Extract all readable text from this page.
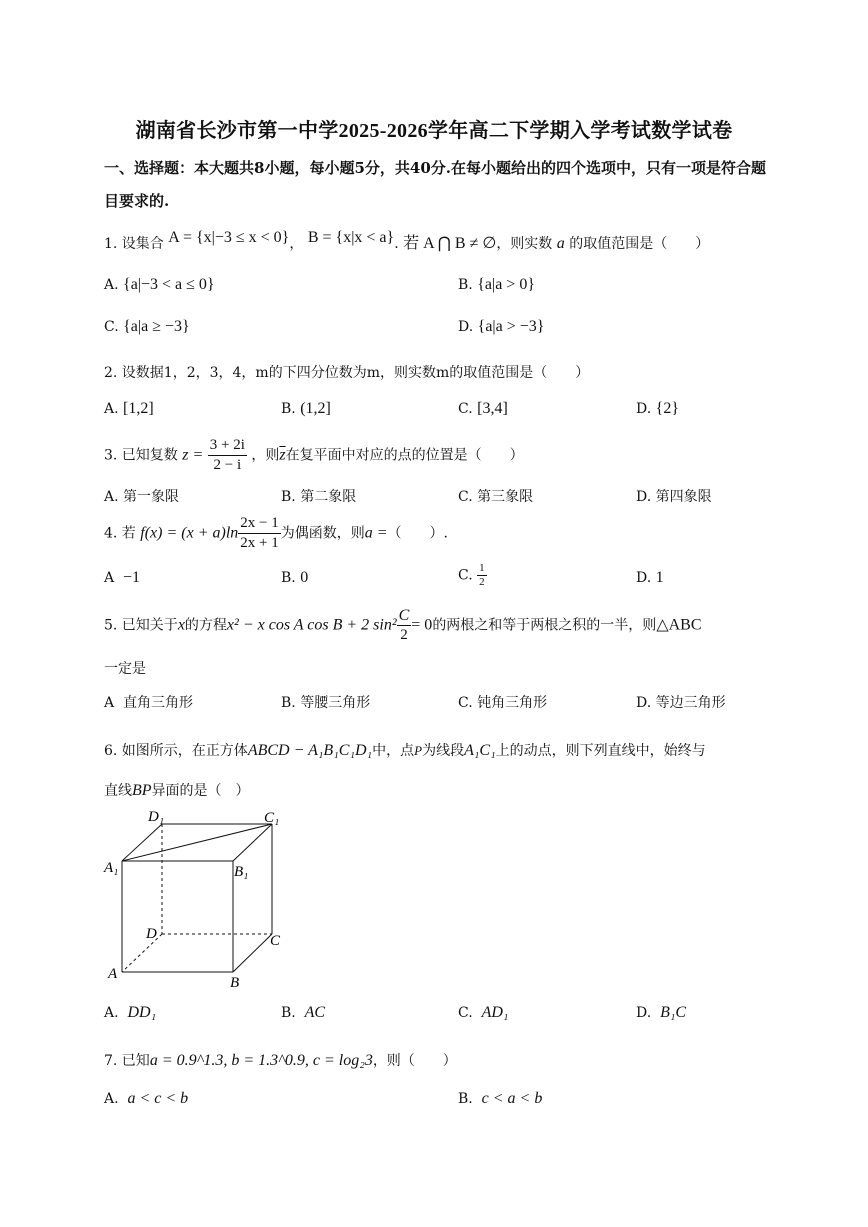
湖南省长沙市第一中学2025-2026学年高二下学期入学考试数学试卷
一、选择题：本大题共8小题，每小题5分，共40分.在每小题给出的四个选项中，只有一项是符合题目要求的.
1. 设集合 A = {x|−3 ≤ x < 0}， B = {x|x < a}. 若 A ⋂ B ≠ ∅，则实数 a 的取值范围是（　　）
A. {a|−3 < a ≤ 0}	B. {a|a > 0}
C. {a|a ≥ −3}	D. {a|a > −3}
2. 设数据1，2，3，4，m的下四分位数为m，则实数m的取值范围是（　　）
A. [1,2]	B. (1,2]	C. [3,4]	D. {2}
3. 已知复数 $z = \frac{3 + 2i}{2 - i}$ ，则$\overline{z}$在复平面中对应的点的位置是（　　）
A. 第一象限	B. 第二象限	C. 第三象限	D. 第四象限
4. 若 $f(x) = (x + a)\ln \frac{2x - 1}{2x + 1}$ 为偶函数，则a =（　　）.
A −1	B. 0	C. $\frac{1}{2}$	D. 1
5. 已知关于x的方程x² − x cos A cos B + 2 $\sin^2 \frac{C}{2} = 0$的两根之和等于两根之积的一半，则△ABC
一定是
A 直角三角形	B. 等腰三角形	C. 钝角三角形	D. 等边三角形
6. 如图所示，在正方体ABCD − A₁B₁C₁D₁中，点P为线段A₁C₁上的动点，则下列直线中，始终与
直线BP异面的是（　）
D₁	C₁
A₁	B₁
D	C
A
B
A. DD₁	B. AC	C. AD₁	D. B₁C
7. 已知a = 0.9^1.3, b = 1.3^0.9, c = log₂3，则（　　）
A. a < c < b	B. c < a < b
